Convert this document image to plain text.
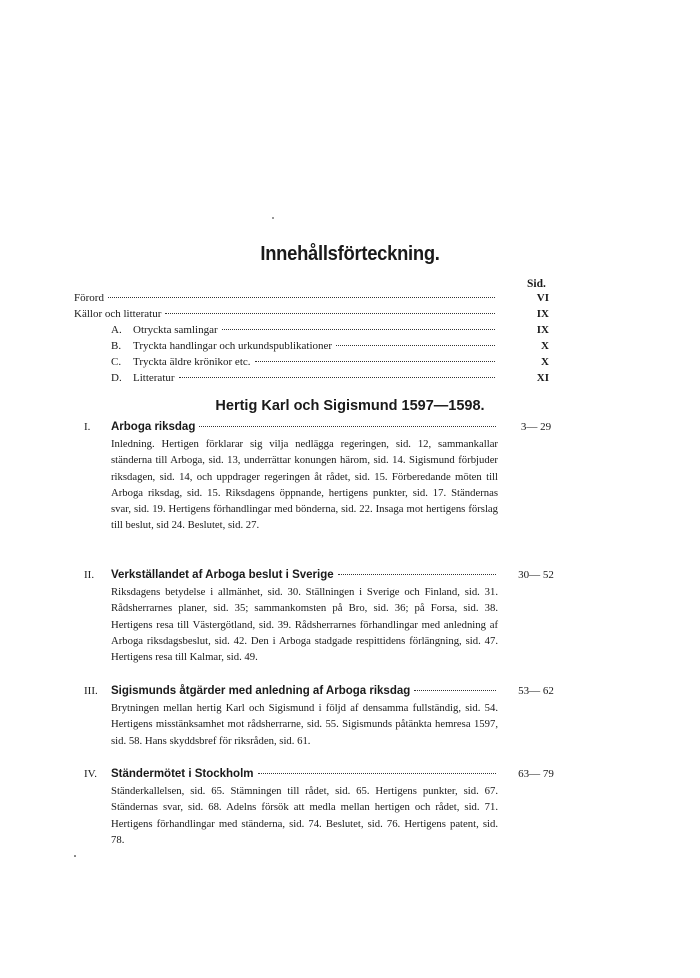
Innehållsförteckning.
Sid.
Förord	VI
Källor och litteratur	IX
A.	Otryckta samlingar	IX
B.	Tryckta handlingar och urkundspublikationer	X
C.	Tryckta äldre krönikor etc.	X
D.	Litteratur	XI
Hertig Karl och Sigismund 1597—1598.
I.	Arboga riksdag	3— 29
Inledning. Hertigen förklarar sig vilja nedlägga regeringen, sid. 12, sammankallar ständerna till Arboga, sid. 13, underrättar konungen härom, sid. 14. Sigismund förbjuder riksdagen, sid. 14, och uppdrager regeringen åt rådet, sid. 15. Förberedande möten till Arboga riksdag, sid. 15. Riksdagens öppnande, hertigens punkter, sid. 17. Ständernas svar, sid. 19. Hertigens förhandlingar med bönderna, sid. 22. Insaga mot hertigens förslag till beslut, sid 24. Beslutet, sid. 27.
II.	Verkställandet af Arboga beslut i Sverige	30— 52
Riksdagens betydelse i allmänhet, sid. 30. Ställningen i Sverige och Finland, sid. 31. Rådsherrarnes planer, sid. 35; sammankomsten på Bro, sid. 36; på Forsa, sid. 38. Hertigens resa till Västergötland, sid. 39. Rådsherrarnes förhandlingar med anledning af Arboga riksdagsbeslut, sid. 42. Den i Arboga stadgade respittidens förlängning, sid. 47. Hertigens resa till Kalmar, sid. 49.
III.	Sigismunds åtgärder med anledning af Arboga riksdag	53— 62
Brytningen mellan hertig Karl och Sigismund i följd af densamma fullständig, sid. 54. Hertigens misstänksamhet mot rådsherrarne, sid. 55. Sigismunds påtänkta hemresa 1597, sid. 58. Hans skyddsbref för riksråden, sid. 61.
IV.	Ständermötet i Stockholm	63— 79
Ständerkallelsen, sid. 65. Stämningen till rådet, sid. 65. Hertigens punkter, sid. 67. Ständernas svar, sid. 68. Adelns försök att medla mellan hertigen och rådet, sid. 71. Hertigens förhandlingar med ständerna, sid. 74. Beslutet, sid. 76. Hertigens patent, sid. 78.
